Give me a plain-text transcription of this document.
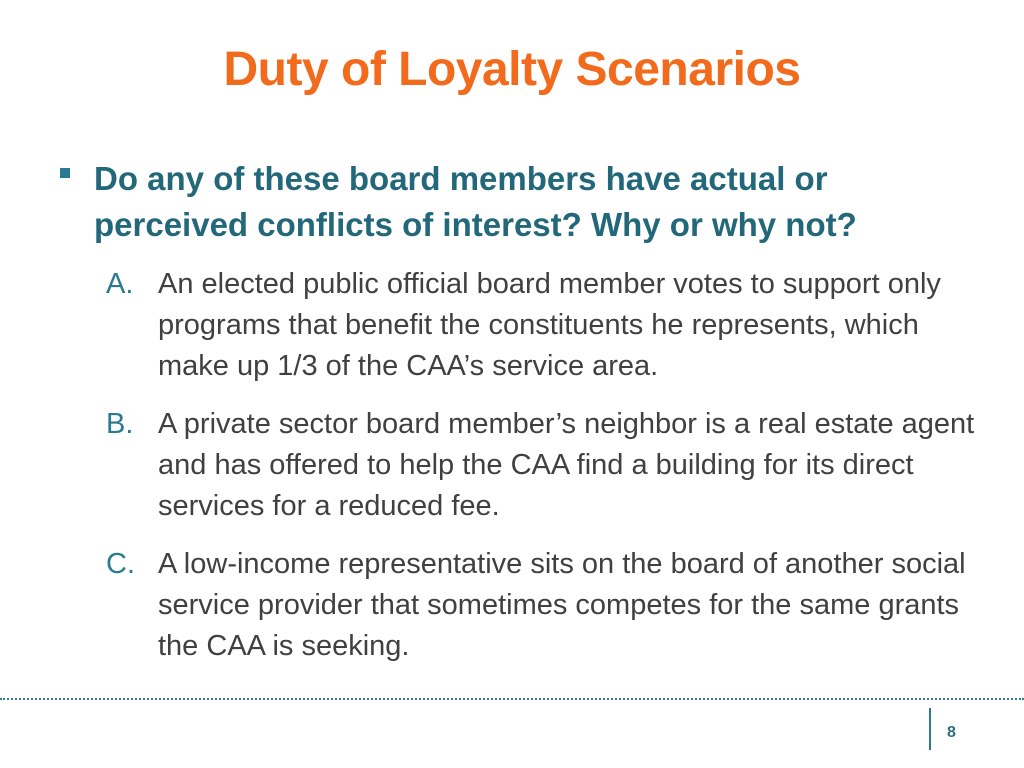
Duty of Loyalty Scenarios

Do any of these board members have actual or perceived conflicts of interest? Why or why not?

A. An elected public official board member votes to support only programs that benefit the constituents he represents, which make up 1/3 of the CAA’s service area.
B. A private sector board member’s neighbor is a real estate agent and has offered to help the CAA find a building for its direct services for a reduced fee.
C. A low-income representative sits on the board of another social service provider that sometimes competes for the same grants the CAA is seeking.
8
